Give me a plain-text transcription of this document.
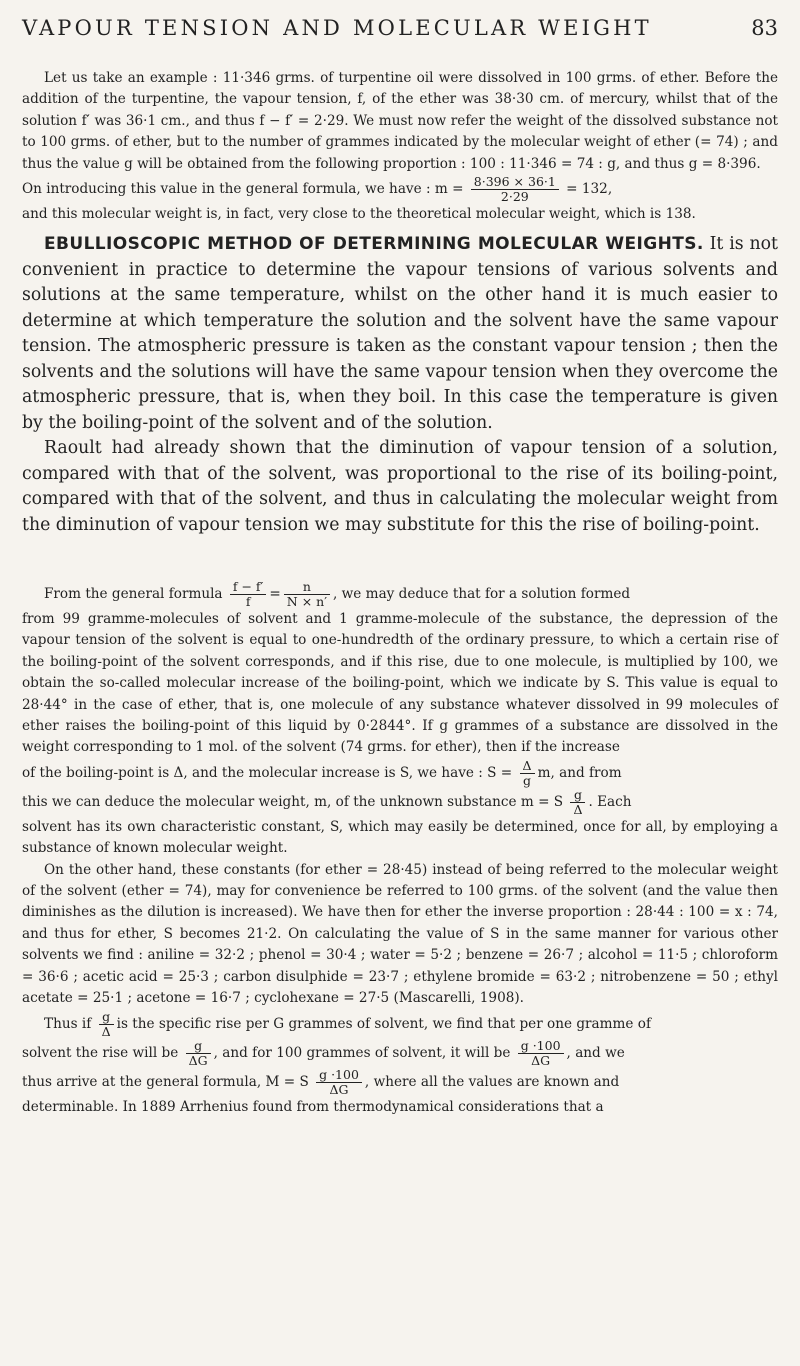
VAPOUR TENSION AND MOLECULAR WEIGHT	83

Let us take an example : 11·346 grms. of turpentine oil were dissolved in 100 grms. of ether. Before the addition of the turpentine, the vapour tension, f, of the ether was 38·30 cm. of mercury, whilst that of the solution f′ was 36·1 cm., and thus f − f′ = 2·29. We must now refer the weight of the dissolved substance not to 100 grms. of ether, but to the number of grammes indicated by the molecular weight of ether (= 74) ; and thus the value g will be obtained from the following proportion : 100 : 11·346 = 74 : g, and thus g = 8·396.

On introducing this value in the general formula, we have : $m = \frac{8\cdot 396 \times 36\cdot 1}{2\cdot 29} = 132$,

and this molecular weight is, in fact, very close to the theoretical molecular weight, which is 138.

EBULLIOSCOPIC METHOD OF DETERMINING MOLECULAR WEIGHTS. It is not convenient in practice to determine the vapour tensions of various solvents and solutions at the same temperature, whilst on the other hand it is much easier to determine at which temperature the solution and the solvent have the same vapour tension. The atmospheric pressure is taken as the constant vapour tension ; then the solvents and the solutions will have the same vapour tension when they overcome the atmospheric pressure, that is, when they boil. In this case the temperature is given by the boiling-point of the solvent and of the solution.

Raoult had already shown that the diminution of vapour tension of a solution, compared with that of the solvent, was proportional to the rise of its boiling-point, compared with that of the solvent, and thus in calculating the molecular weight from the diminution of vapour tension we may substitute for this the rise of boiling-point.

From the general formula $\frac{f - f'}{f} = \frac{n}{N \times n'}$ , we may deduce that for a solution formed

from 99 gramme-molecules of solvent and 1 gramme-molecule of the substance, the depression of the vapour tension of the solvent is equal to one-hundredth of the ordinary pressure, to which a certain rise of the boiling-point of the solvent corresponds, and if this rise, due to one molecule, is multiplied by 100, we obtain the so-called molecular increase of the boiling-point, which we indicate by S. This value is equal to 28·44° in the case of ether, that is, one molecule of any substance whatever dissolved in 99 molecules of ether raises the boiling-point of this liquid by 0·2844°. If g grammes of a substance are dissolved in the weight corresponding to 1 mol. of the solvent (74 grms. for ether), then if the increase

of the boiling-point is Δ, and the molecular increase is S, we have : $S = \frac{\Delta}{g} m$, and from
this we can deduce the molecular weight, m, of the unknown substance m = S $\frac{g}{\Delta}$ . Each

solvent has its own characteristic constant, S, which may easily be determined, once for all, by employing a substance of known molecular weight.

On the other hand, these constants (for ether = 28·45) instead of being referred to the molecular weight of the solvent (ether = 74), may for convenience be referred to 100 grms. of the solvent (and the value then diminishes as the dilution is increased). We have then for ether the inverse proportion : 28·44 : 100 = x : 74, and thus for ether, S becomes 21·2. On calculating the value of S in the same manner for various other solvents we find : aniline = 32·2 ; phenol = 30·4 ; water = 5·2 ; benzene = 26·7 ; alcohol = 11·5 ; chloroform = 36·6 ; acetic acid = 25·3 ; carbon disulphide = 23·7 ; ethylene bromide = 63·2 ; nitrobenzene = 50 ; ethyl acetate = 25·1 ; acetone = 16·7 ; cyclohexane = 27·5 (Mascarelli, 1908).

Thus if $\frac{g}{\Delta}$ is the specific rise per G grammes of solvent, we find that per one gramme of
solvent the rise will be $\frac{g}{\Delta G}$ , and for 100 grammes of solvent, it will be $\frac{g \cdot 100}{\Delta G}$ , and we
thus arrive at the general formula, M = S $\frac{g \cdot 100}{\Delta G}$ , where all the values are known and

determinable. In 1889 Arrhenius found from thermodynamical considerations that a
